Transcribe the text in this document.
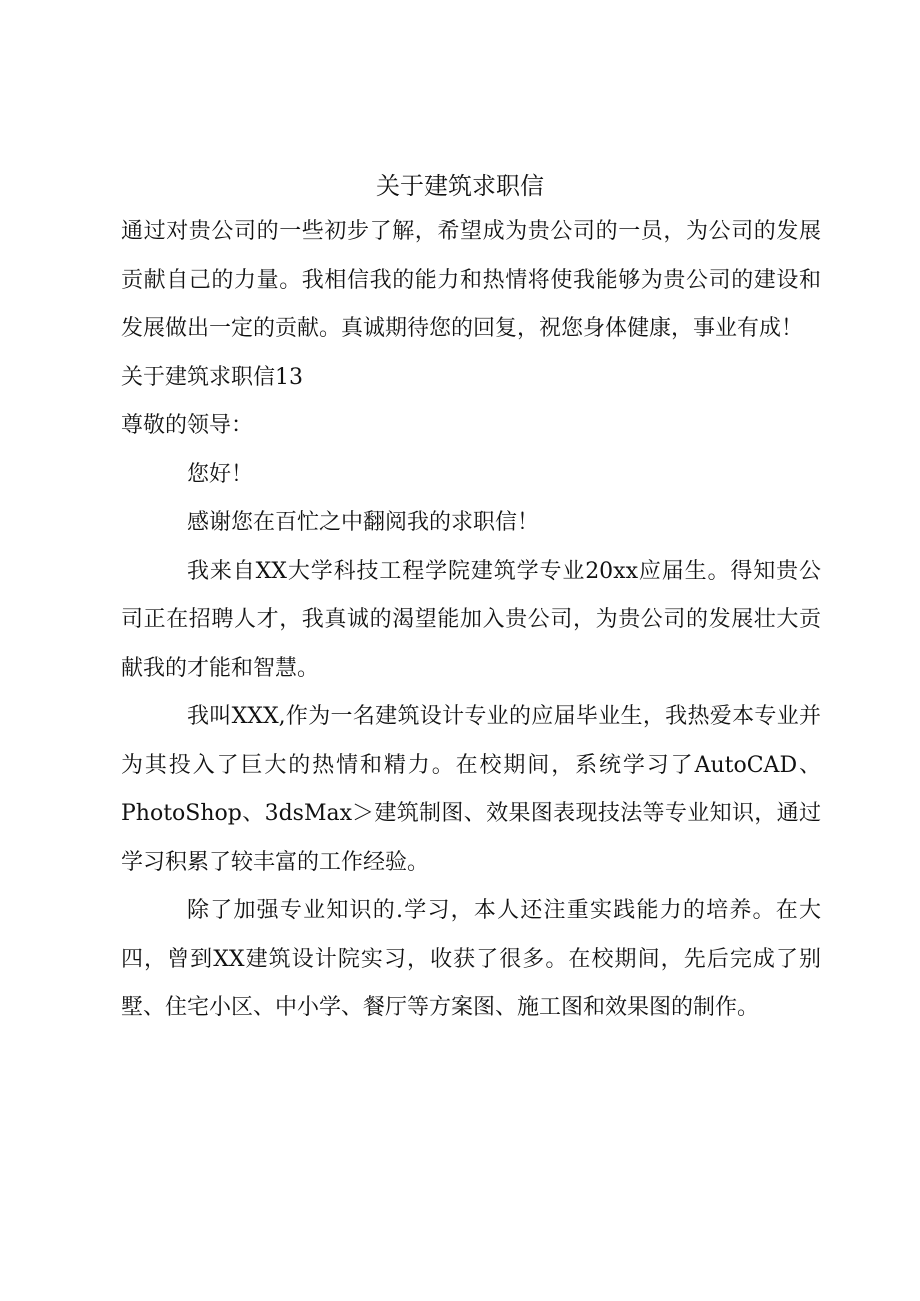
关于建筑求职信

通过对贵公司的一些初步了解，希望成为贵公司的一员，为公司的发展贡献自己的力量。我相信我的能力和热情将使我能够为贵公司的建设和发展做出一定的贡献。真诚期待您的回复，祝您身体健康，事业有成！

关于建筑求职信13

尊敬的领导：

您好！

感谢您在百忙之中翻阅我的求职信！

我来自XX大学科技工程学院建筑学专业20xx应届生。得知贵公司正在招聘人才，我真诚的渴望能加入贵公司，为贵公司的发展壮大贡献我的才能和智慧。

我叫XXX,作为一名建筑设计专业的应届毕业生，我热爱本专业并为其投入了巨大的热情和精力。在校期间，系统学习了AutoCAD、PhotoShop、3dsMax＞建筑制图、效果图表现技法等专业知识，通过学习积累了较丰富的工作经验。

除了加强专业知识的.学习，本人还注重实践能力的培养。在大四，曾到XX建筑设计院实习，收获了很多。在校期间，先后完成了别墅、住宅小区、中小学、餐厅等方案图、施工图和效果图的制作。
